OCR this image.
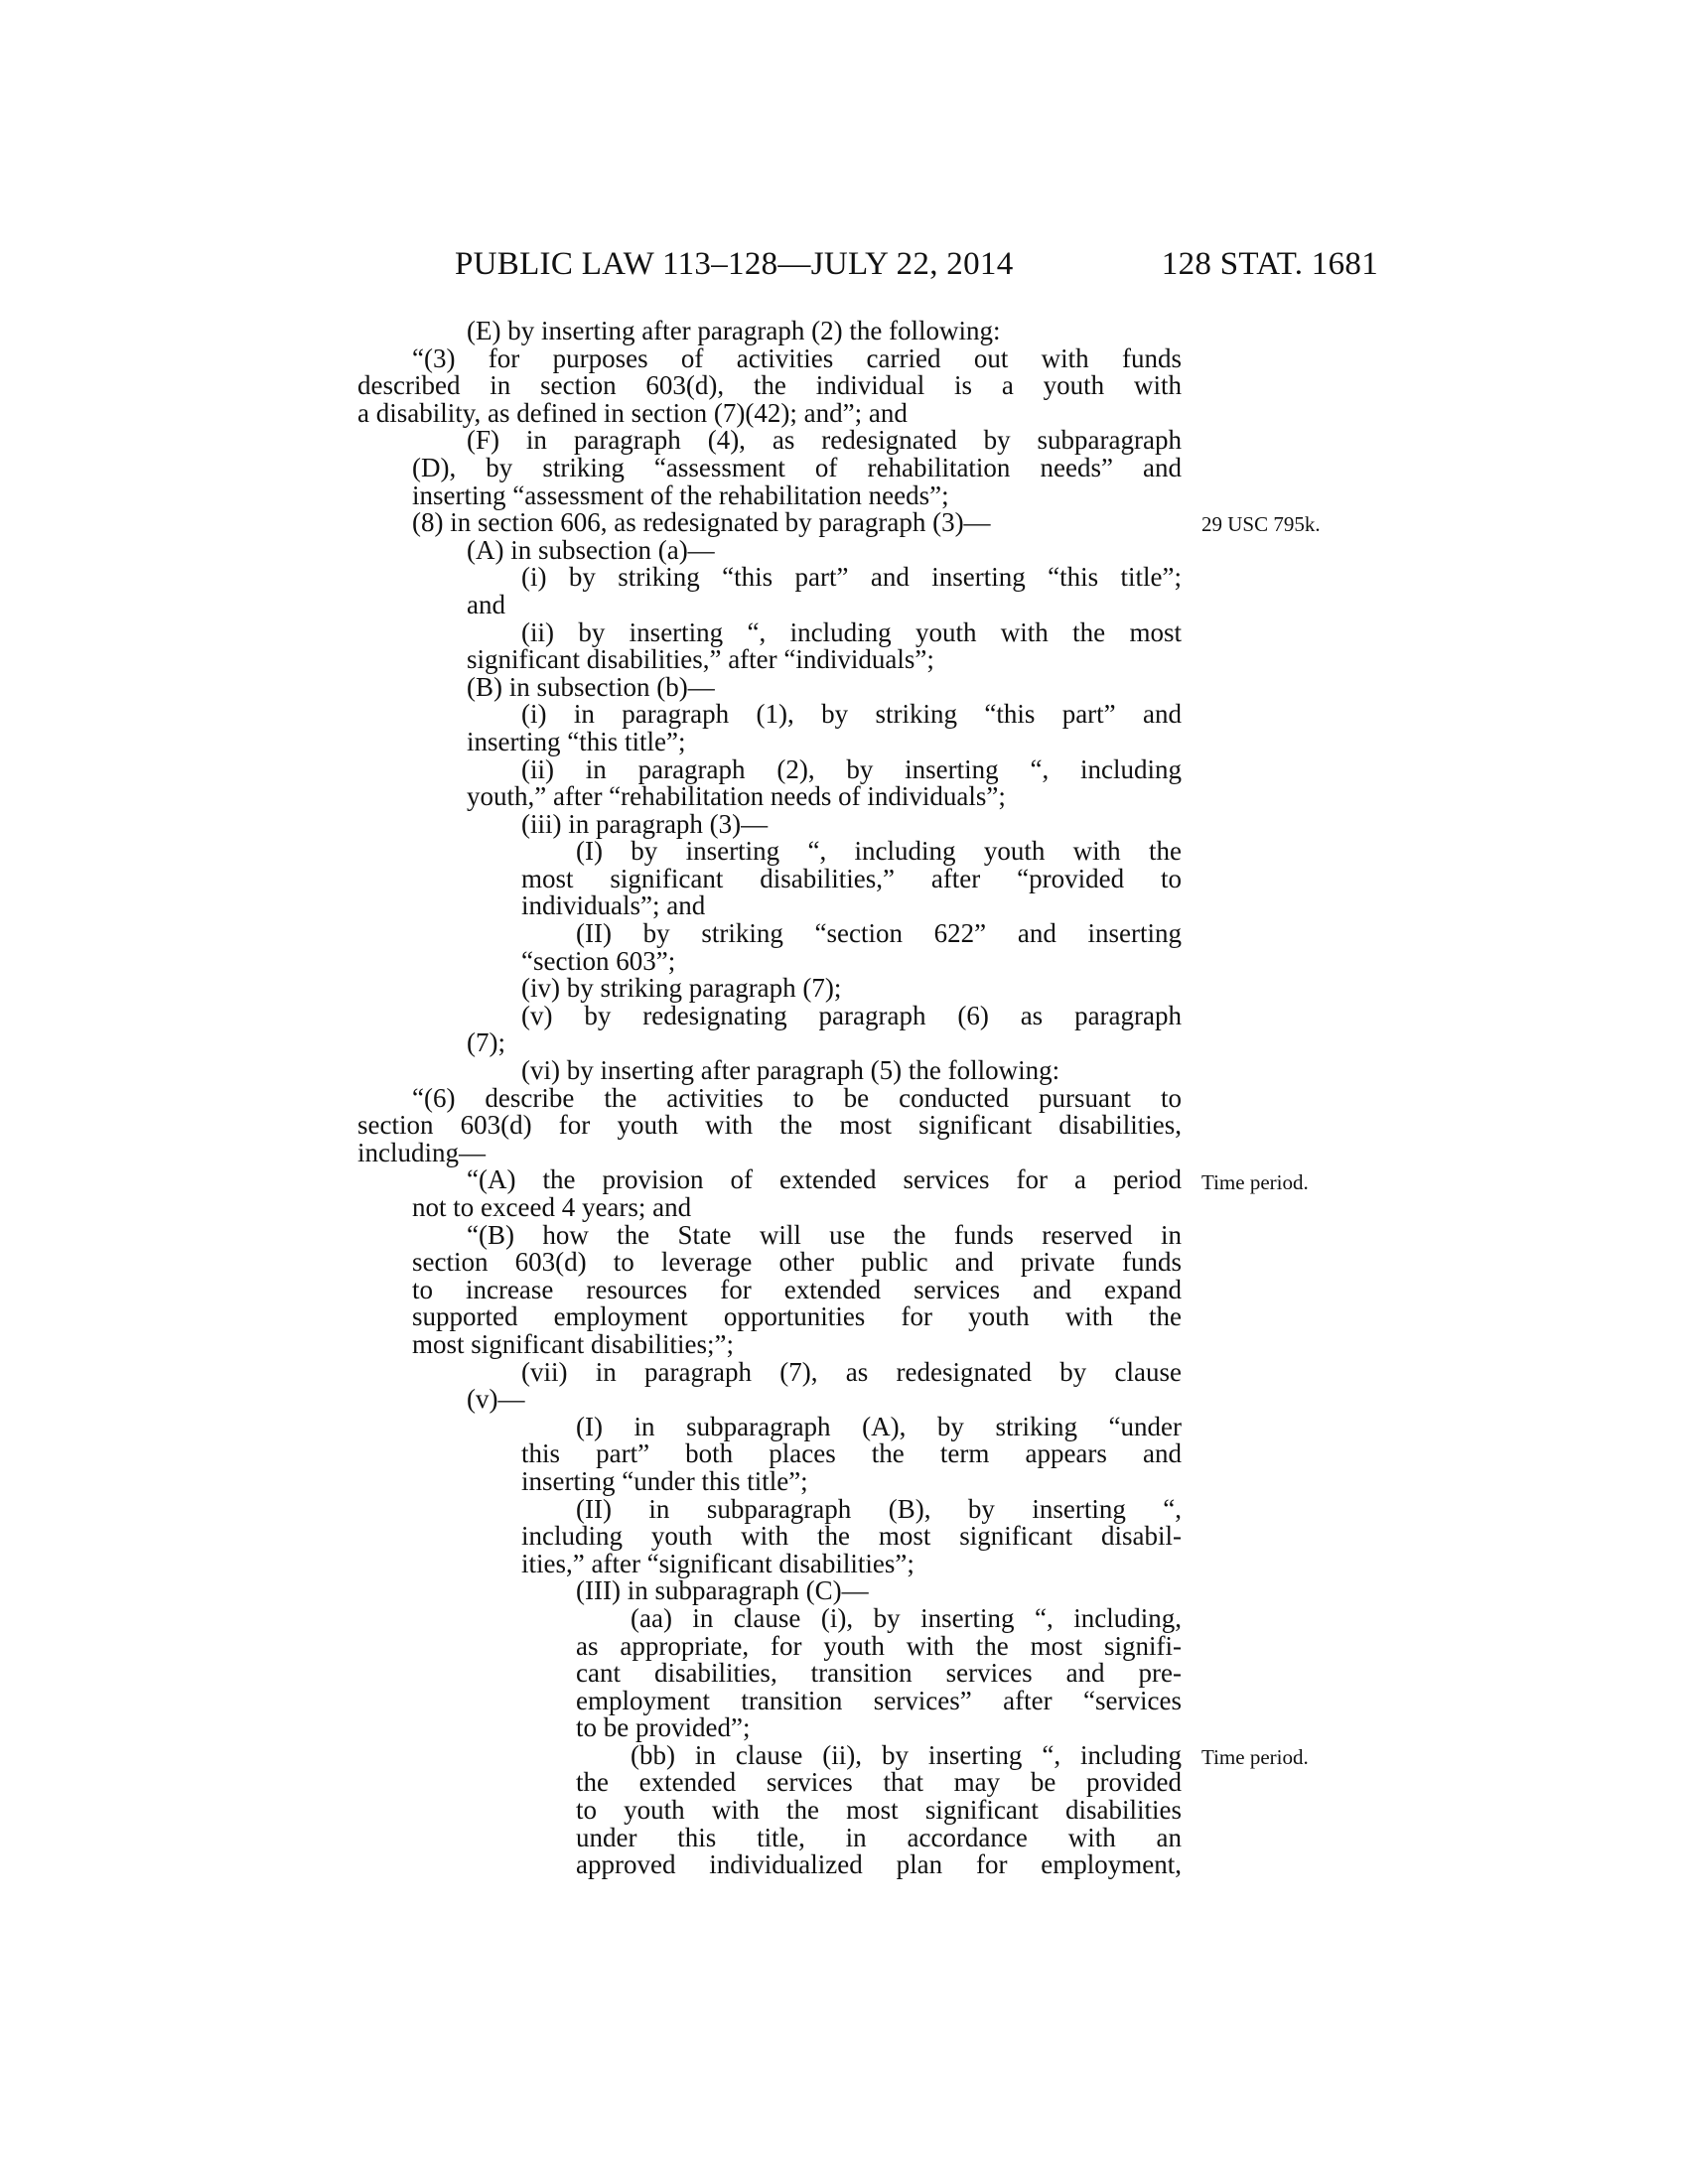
PUBLIC LAW 113–128—JULY 22, 2014	128 STAT. 1681
(E) by inserting after paragraph (2) the following:
“(3) for purposes of activities carried out with funds
described in section 603(d), the individual is a youth with
a disability, as defined in section (7)(42); and”; and
(F) in paragraph (4), as redesignated by subparagraph
(D), by striking “assessment of rehabilitation needs” and
inserting “assessment of the rehabilitation needs”;
(8) in section 606, as redesignated by paragraph (3)—
(A) in subsection (a)—
(i) by striking “this part” and inserting “this title”;
and
(ii) by inserting “, including youth with the most
significant disabilities,” after “individuals”;
(B) in subsection (b)—
(i) in paragraph (1), by striking “this part” and
inserting “this title”;
(ii) in paragraph (2), by inserting “, including
youth,” after “rehabilitation needs of individuals”;
(iii) in paragraph (3)—
(I) by inserting “, including youth with the
most significant disabilities,” after “provided to
individuals”; and
(II) by striking “section 622” and inserting
“section 603”;
(iv) by striking paragraph (7);
(v) by redesignating paragraph (6) as paragraph
(7);
(vi) by inserting after paragraph (5) the following:
“(6) describe the activities to be conducted pursuant to
section 603(d) for youth with the most significant disabilities,
including—
“(A) the provision of extended services for a period
not to exceed 4 years; and
“(B) how the State will use the funds reserved in
section 603(d) to leverage other public and private funds
to increase resources for extended services and expand
supported employment opportunities for youth with the
most significant disabilities;”;
(vii) in paragraph (7), as redesignated by clause
(v)—
(I) in subparagraph (A), by striking “under
this part” both places the term appears and
inserting “under this title”;
(II) in subparagraph (B), by inserting “,
including youth with the most significant disabil-
ities,” after “significant disabilities”;
(III) in subparagraph (C)—
(aa) in clause (i), by inserting “, including,
as appropriate, for youth with the most signifi-
cant disabilities, transition services and pre-
employment transition services” after “services
to be provided”;
(bb) in clause (ii), by inserting “, including
the extended services that may be provided
to youth with the most significant disabilities
under this title, in accordance with an
approved individualized plan for employment,
29 USC 795k.
Time period.
Time period.
